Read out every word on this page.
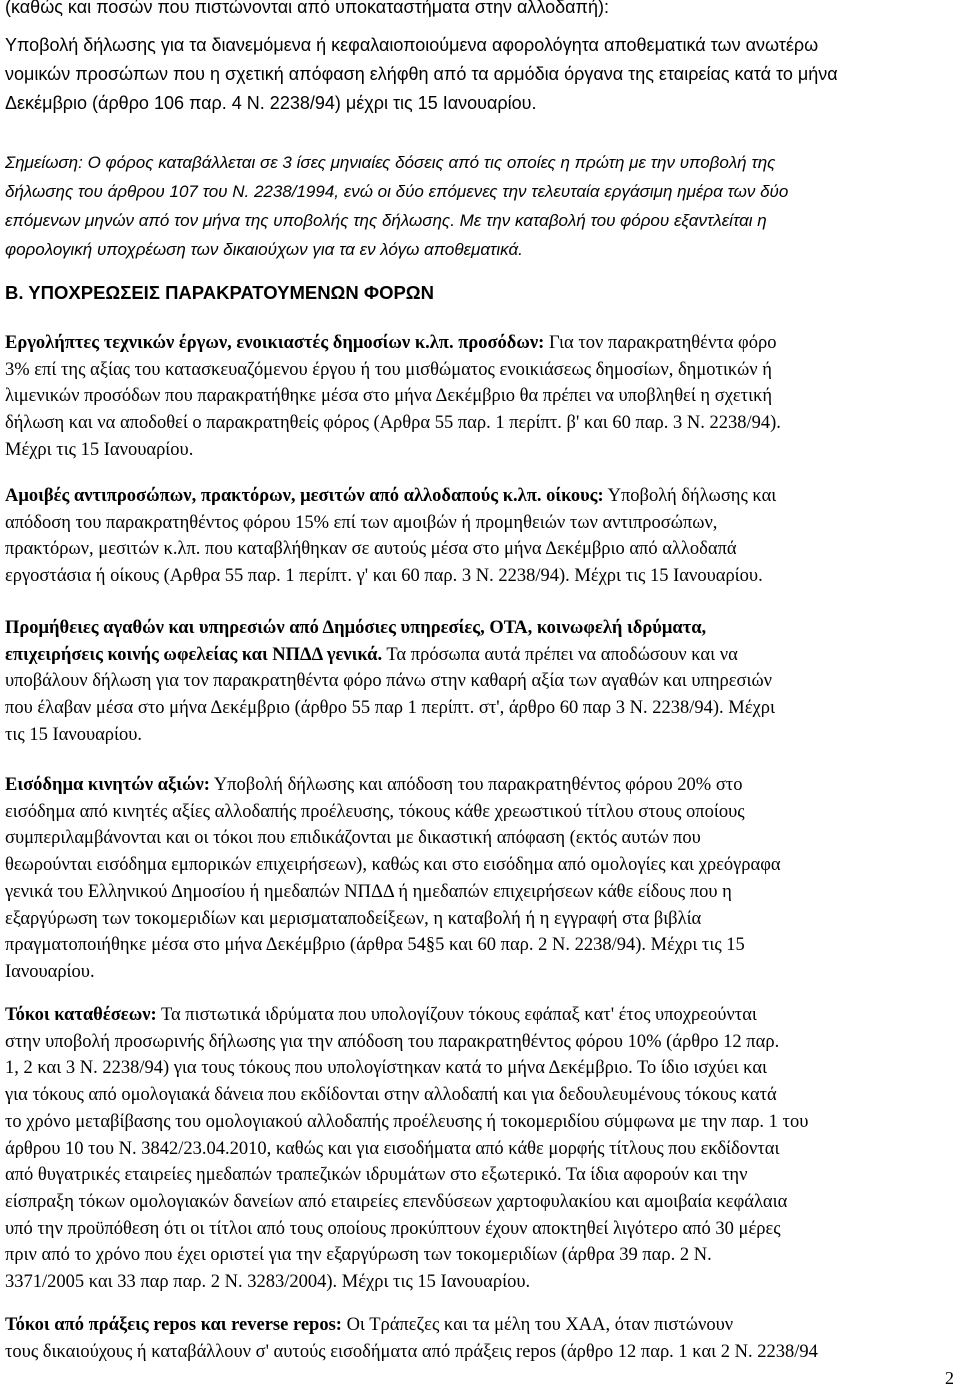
(καθώς και ποσών που πιστώνονται από υποκαταστήματα στην αλλοδαπή):
Υποβολή δήλωσης για τα διανεμόμενα ή κεφαλαιοποιούμενα αφορολόγητα αποθεματικά των ανωτέρω
νομικών προσώπων που η σχετική απόφαση ελήφθη από τα αρμόδια όργανα της εταιρείας κατά το μήνα
Δεκέμβριο (άρθρο 106 παρ. 4 Ν. 2238/94) μέχρι τις 15 Ιανουαρίου.
Σημείωση: Ο φόρος καταβάλλεται σε 3 ίσες μηνιαίες δόσεις από τις οποίες η πρώτη με την υποβολή της
δήλωσης του άρθρου 107 του Ν. 2238/1994, ενώ οι δύο επόμενες την τελευταία εργάσιμη ημέρα των δύο
επόμενων μηνών από τον μήνα της υποβολής της δήλωσης. Με την καταβολή του φόρου εξαντλείται η
φορολογική υποχρέωση των δικαιούχων για τα εν λόγω αποθεματικά.
Β. ΥΠΟΧΡΕΩΣΕΙΣ ΠΑΡΑΚΡΑΤΟΥΜΕΝΩΝ ΦΟΡΩΝ
Εργολήπτες τεχνικών έργων, ενοικιαστές δημοσίων κ.λπ. προσόδων: Για τον παρακρατηθέντα φόρο
3% επί της αξίας του κατασκευαζόμενου έργου ή του μισθώματος ενοικιάσεως δημοσίων, δημοτικών ή
λιμενικών προσόδων που παρακρατήθηκε μέσα στο μήνα Δεκέμβριο θα πρέπει να υποβληθεί η σχετική
δήλωση και να αποδοθεί ο παρακρατηθείς φόρος (Αρθρα 55 παρ. 1 περίπτ. β' και 60 παρ. 3 Ν. 2238/94).
Μέχρι τις 15 Ιανουαρίου.
Αμοιβές αντιπροσώπων, πρακτόρων, μεσιτών από αλλοδαπούς κ.λπ. οίκους: Υποβολή δήλωσης και
απόδοση του παρακρατηθέντος φόρου 15% επί των αμοιβών ή προμηθειών των αντιπροσώπων,
πρακτόρων, μεσιτών κ.λπ. που καταβλήθηκαν σε αυτούς μέσα στο μήνα Δεκέμβριο από αλλοδαπά
εργοστάσια ή οίκους (Αρθρα 55 παρ. 1 περίπτ. γ' και 60 παρ. 3 Ν. 2238/94). Μέχρι τις 15 Ιανουαρίου.
Προμήθειες αγαθών και υπηρεσιών από Δημόσιες υπηρεσίες, ΟΤΑ, κοινωφελή ιδρύματα,
επιχειρήσεις κοινής ωφελείας και ΝΠΔΔ γενικά. Τα πρόσωπα αυτά πρέπει να αποδώσουν και να
υποβάλουν δήλωση για τον παρακρατηθέντα φόρο πάνω στην καθαρή αξία των αγαθών και υπηρεσιών
που έλαβαν μέσα στο μήνα Δεκέμβριο (άρθρο 55 παρ 1 περίπτ. στ', άρθρο 60 παρ 3 Ν. 2238/94). Μέχρι
τις 15 Ιανουαρίου.
Εισόδημα κινητών αξιών: Υποβολή δήλωσης και απόδοση του παρακρατηθέντος φόρου 20% στο
εισόδημα από κινητές αξίες αλλοδαπής προέλευσης, τόκους κάθε χρεωστικού τίτλου στους οποίους
συμπεριλαμβάνονται και οι τόκοι που επιδικάζονται με δικαστική απόφαση (εκτός αυτών που
θεωρούνται εισόδημα εμπορικών επιχειρήσεων), καθώς και στο εισόδημα από ομολογίες και χρεόγραφα
γενικά του Ελληνικού Δημοσίου ή ημεδαπών ΝΠΔΔ ή ημεδαπών επιχειρήσεων κάθε είδους που η
εξαργύρωση των τοκομεριδίων και μερισματαποδείξεων, η καταβολή ή η εγγραφή στα βιβλία
πραγματοποιήθηκε μέσα στο μήνα Δεκέμβριο (άρθρα 54§5 και 60 παρ. 2 Ν. 2238/94). Μέχρι τις 15
Ιανουαρίου.
Τόκοι καταθέσεων: Τα πιστωτικά ιδρύματα που υπολογίζουν τόκους εφάπαξ κατ' έτος υποχρεούνται
στην υποβολή προσωρινής δήλωσης για την απόδοση του παρακρατηθέντος φόρου 10% (άρθρο 12 παρ.
1, 2 και 3 Ν. 2238/94) για τους τόκους που υπολογίστηκαν κατά το μήνα Δεκέμβριο. Το ίδιο ισχύει και
για τόκους από ομολογιακά δάνεια που εκδίδονται στην αλλοδαπή και για δεδουλευμένους τόκους κατά
το χρόνο μεταβίβασης του ομολογιακού αλλοδαπής προέλευσης ή τοκομεριδίου σύμφωνα με την παρ. 1 του
άρθρου 10 του Ν. 3842/23.04.2010, καθώς και για εισοδήματα από κάθε μορφής τίτλους που εκδίδονται
από θυγατρικές εταιρείες ημεδαπών τραπεζικών ιδρυμάτων στο εξωτερικό. Τα ίδια αφορούν και την
είσπραξη τόκων ομολογιακών δανείων από εταιρείες επενδύσεων χαρτοφυλακίου και αμοιβαία κεφάλαια
υπό την προϋπόθεση ότι οι τίτλοι από τους οποίους προκύπτουν έχουν αποκτηθεί λιγότερο από 30 μέρες
πριν από το χρόνο που έχει οριστεί για την εξαργύρωση των τοκομεριδίων (άρθρα 39 παρ. 2 Ν.
3371/2005 και 33 παρ παρ. 2 Ν. 3283/2004). Μέχρι τις 15 Ιανουαρίου.
Τόκοι από πράξεις repos και reverse repos: Οι Τράπεζες και τα μέλη του ΧΑΑ, όταν πιστώνουν
τους δικαιούχους ή καταβάλλουν σ' αυτούς εισοδήματα από πράξεις repos (άρθρο 12 παρ. 1 και 2 Ν. 2238/94
2
